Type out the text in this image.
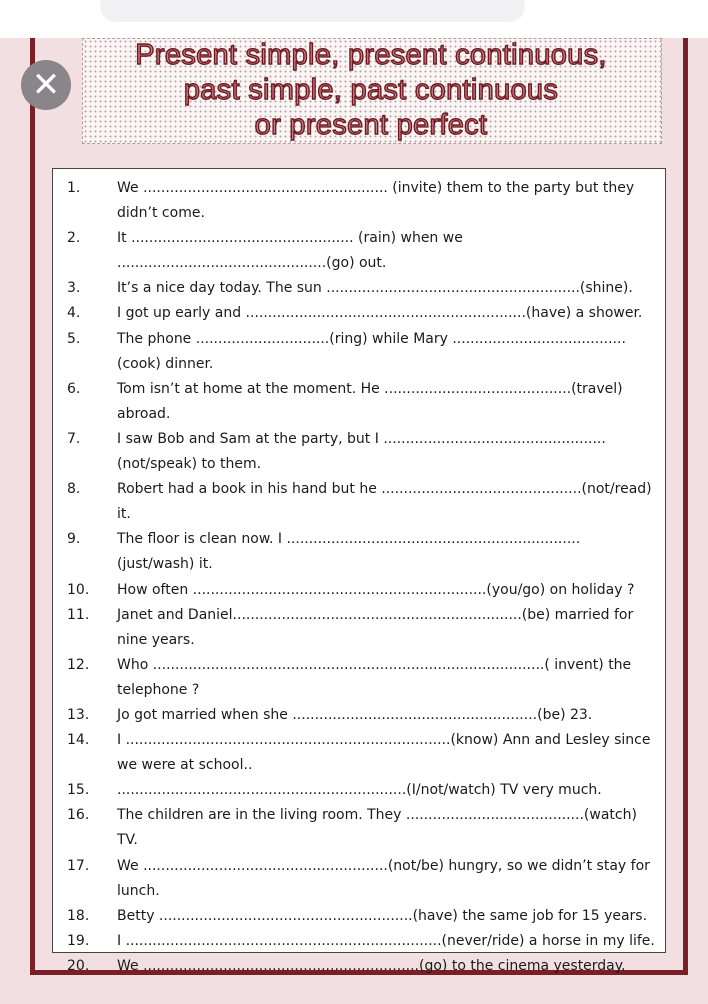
Present simple, present continuous,
past simple, past continuous
or present perfect
✕
1.	We ....................................................... (invite) them to the party but they didn’t come.
2.	It .................................................. (rain) when we ...............................................(go) out.
3.	It’s a nice day today. The sun .........................................................(shine).
4.	I got up early and ...............................................................(have) a shower.
5.	The phone ..............................(ring) while Mary .......................................(cook) dinner.
6.	Tom isn’t at home at the moment. He ..........................................(travel) abroad.
7.	I saw Bob and Sam at the party, but I ..................................................(not/speak) to them.
8.	Robert had a book in his hand but he .............................................(not/read) it.
9.	The floor is clean now. I ..................................................................(just/wash) it.
10.	How often ..................................................................(you/go) on holiday ?
11.	Janet and Daniel.................................................................(be) married for nine years.
12.	Who ........................................................................................( invent) the telephone ?
13.	Jo got married when she .......................................................(be) 23.
14.	I .........................................................................(know) Ann and Lesley since we were at school..
15.	.................................................................(I/not/watch) TV very much.
16.	The children are in the living room. They ........................................(watch) TV.
17.	We .......................................................(not/be) hungry, so we didn’t stay for lunch.
18.	Betty .........................................................(have) the same job for 15 years.
19.	I .......................................................................(never/ride) a horse in my life.
20.	We ..............................................................(go) to the cinema yesterday.
